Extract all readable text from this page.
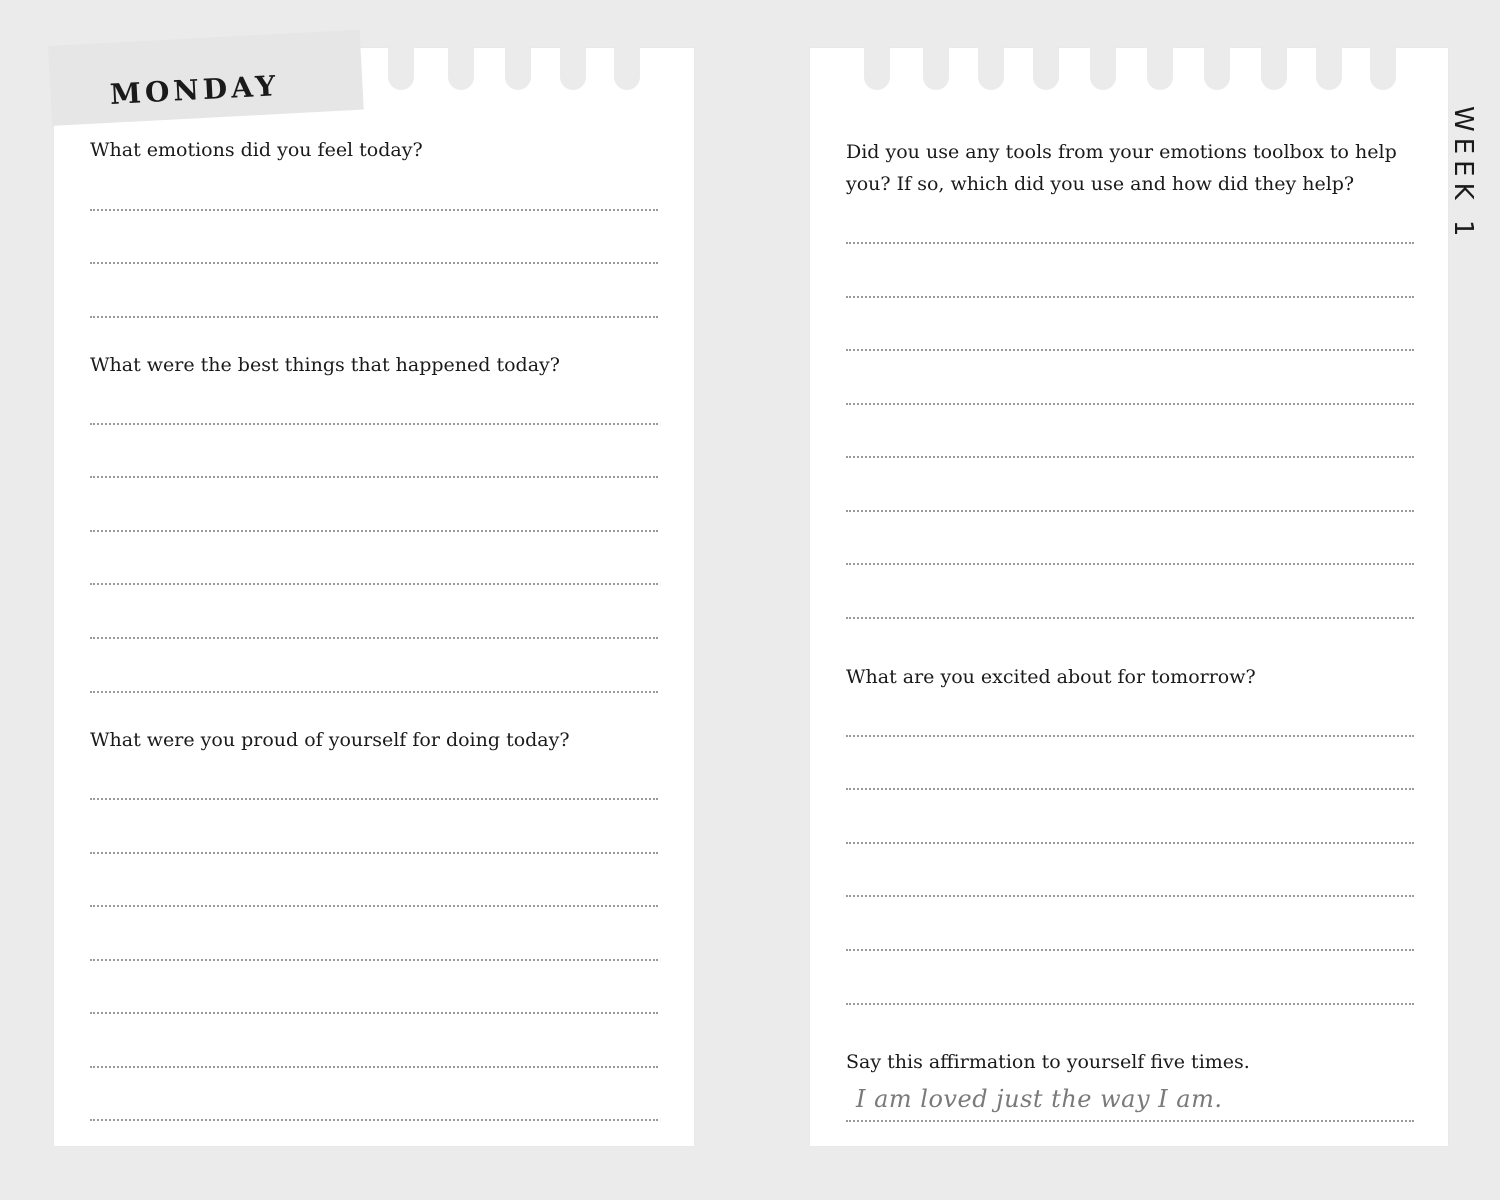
MONDAY

What emotions did you feel today?

What were the best things that happened today?

What were you proud of yourself for doing today?

Did you use any tools from your emotions toolbox to help you? If so, which did you use and how did they help?

What are you excited about for tomorrow?

Say this affirmation to yourself five times.

I am loved just the way I am.

WEEK 1
